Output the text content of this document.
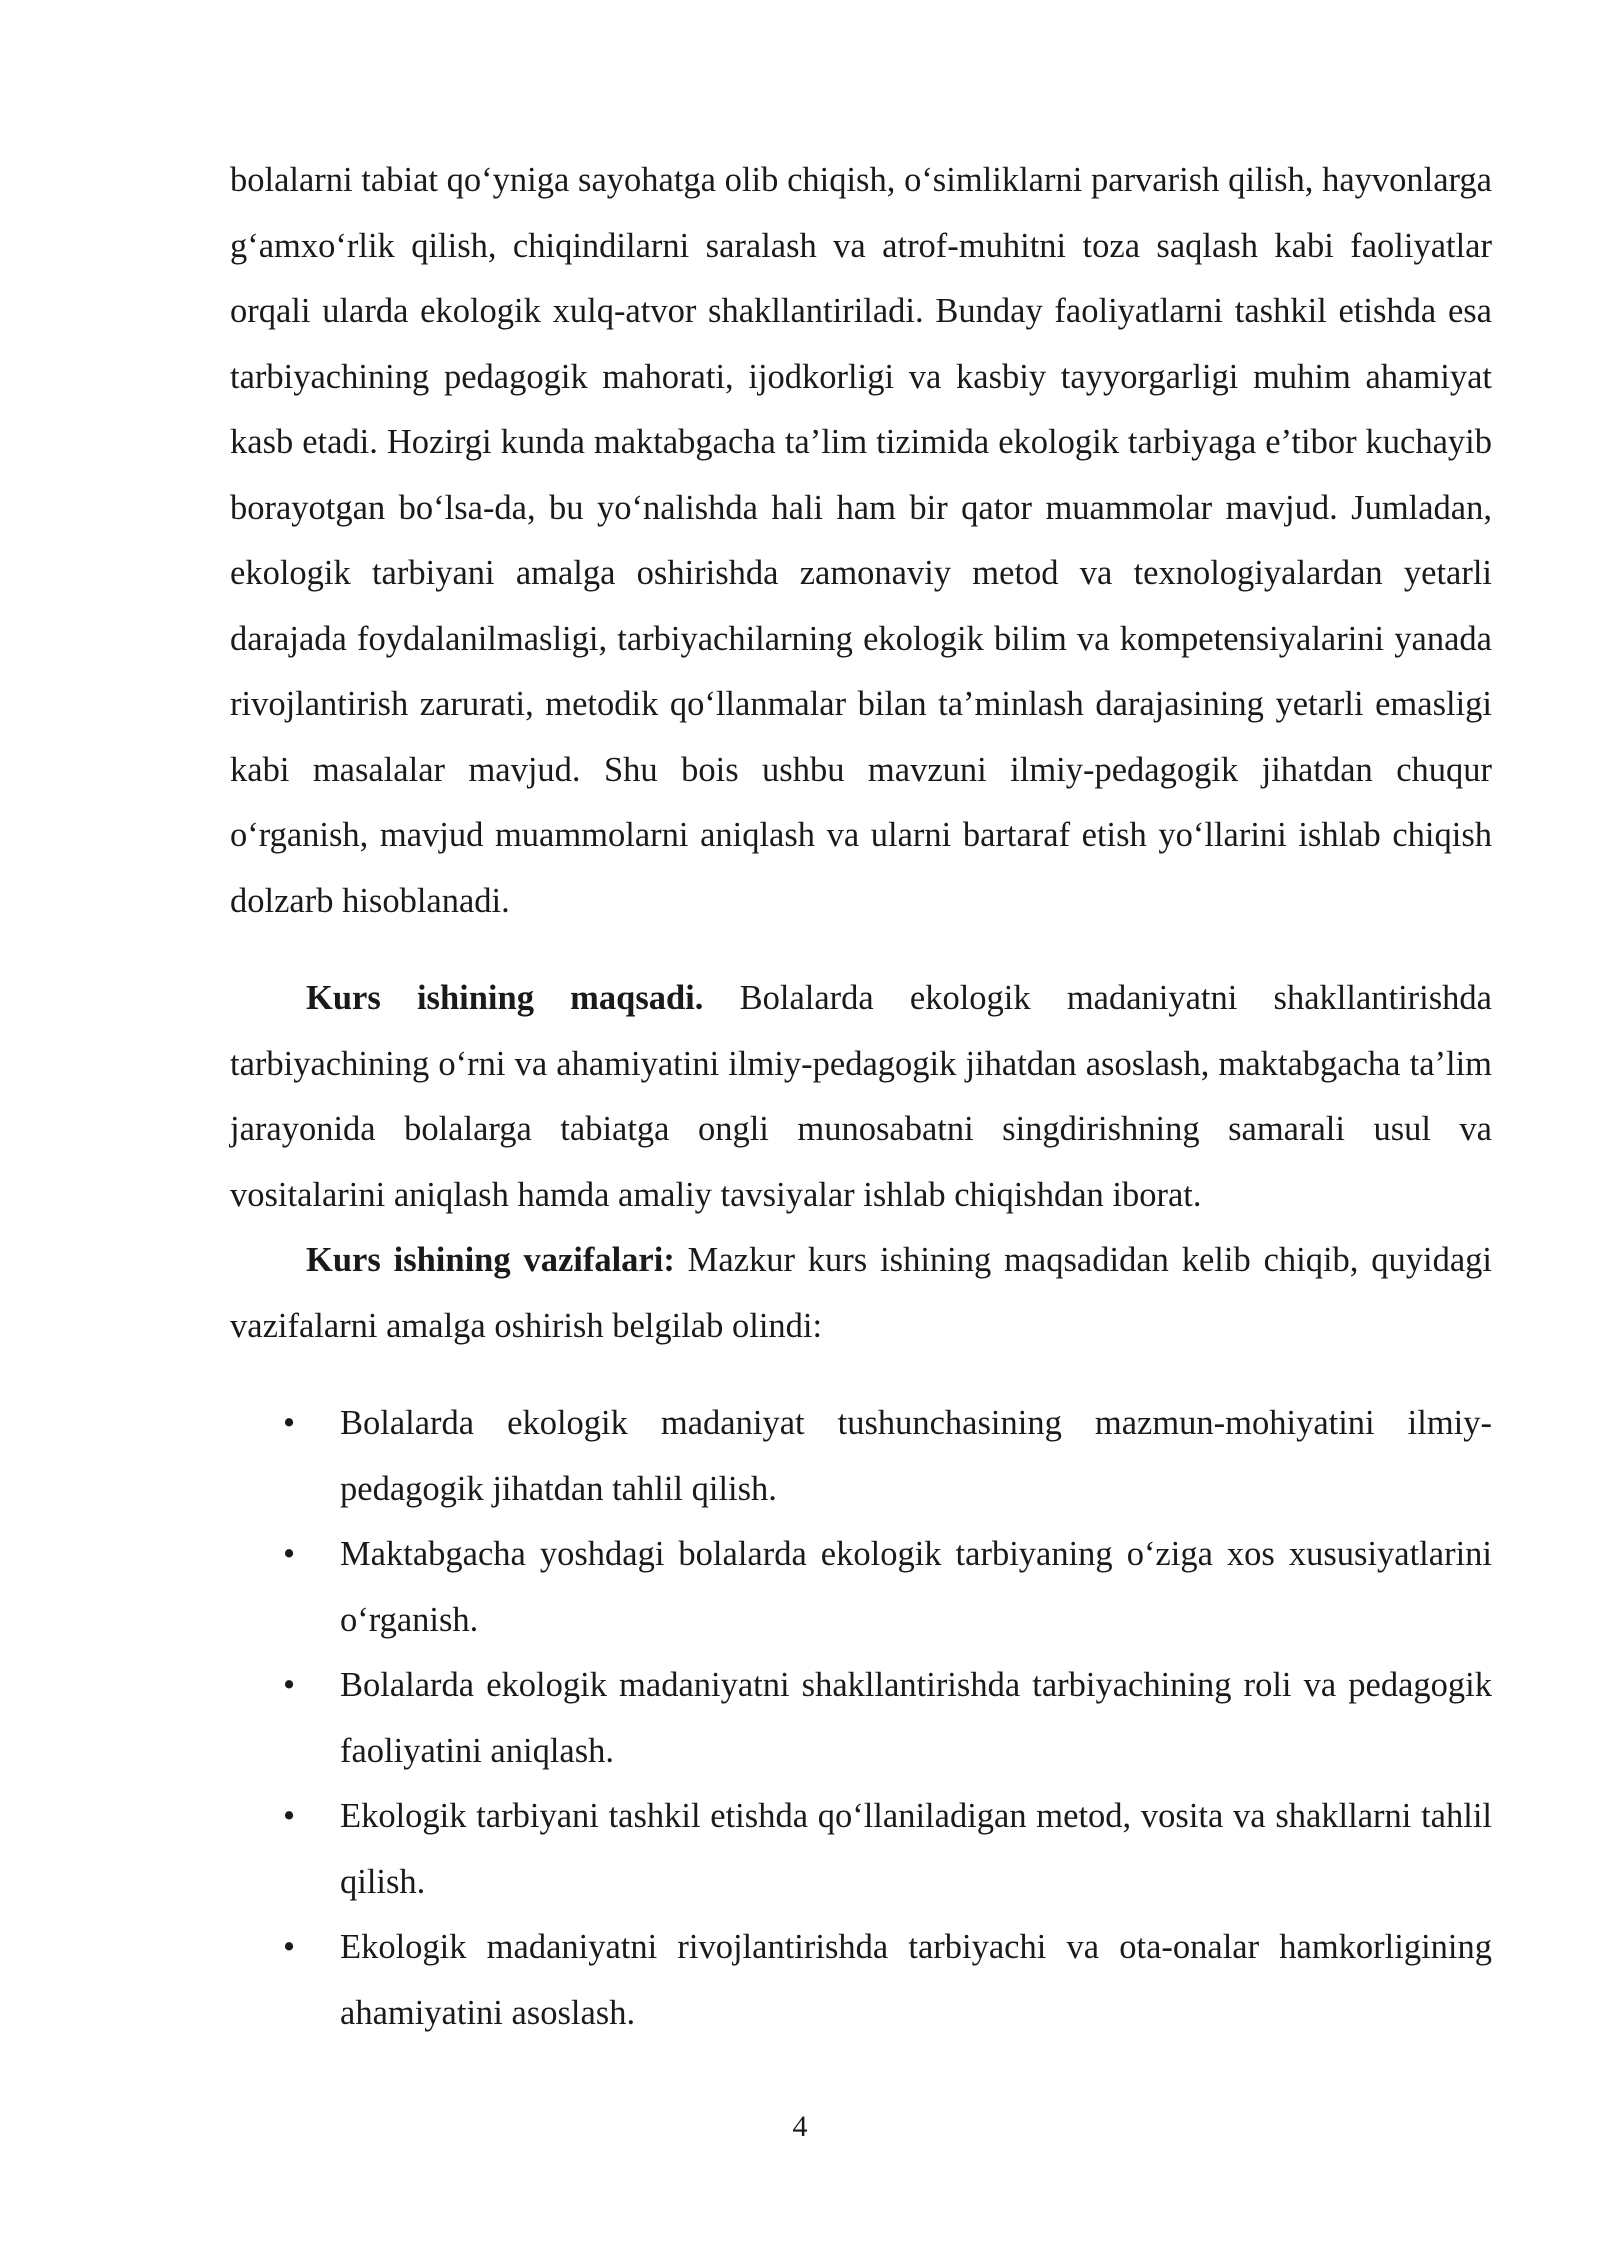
bolalarni tabiat qo‘yniga sayohatga olib chiqish, o‘simliklarni parvarish qilish, hayvonlarga g‘amxo‘rlik qilish, chiqindilarni saralash va atrof-muhitni toza saqlash kabi faoliyatlar orqali ularda ekologik xulq-atvor shakllantiriladi. Bunday faoliyatlarni tashkil etishda esa tarbiyachining pedagogik mahorati, ijodkorligi va kasbiy tayyorgarligi muhim ahamiyat kasb etadi. Hozirgi kunda maktabgacha ta’lim tizimida ekologik tarbiyaga e’tibor kuchayib borayotgan bo‘lsa-da, bu yo‘nalishda hali ham bir qator muammolar mavjud. Jumladan, ekologik tarbiyani amalga oshirishda zamonaviy metod va texnologiyalardan yetarli darajada foydalanilmasligi, tarbiyachilarning ekologik bilim va kompetensiyalarini yanada rivojlantirish zarurati, metodik qo‘llanmalar bilan ta’minlash darajasining yetarli emasligi kabi masalalar mavjud. Shu bois ushbu mavzuni ilmiy-pedagogik jihatdan chuqur o‘rganish, mavjud muammolarni aniqlash va ularni bartaraf etish yo‘llarini ishlab chiqish dolzarb hisoblanadi.

Kurs ishining maqsadi. Bolalarda ekologik madaniyatni shakllantirishda tarbiyachining o‘rni va ahamiyatini ilmiy-pedagogik jihatdan asoslash, maktabgacha ta’lim jarayonida bolalarga tabiatga ongli munosabatni singdirishning samarali usul va vositalarini aniqlash hamda amaliy tavsiyalar ishlab chiqishdan iborat.

Kurs ishining vazifalari: Mazkur kurs ishining maqsadidan kelib chiqib, quyidagi vazifalarni amalga oshirish belgilab olindi:

• Bolalarda ekologik madaniyat tushunchasining mazmun-mohiyatini ilmiy-pedagogik jihatdan tahlil qilish.
• Maktabgacha yoshdagi bolalarda ekologik tarbiyaning o‘ziga xos xususiyatlarini o‘rganish.
• Bolalarda ekologik madaniyatni shakllantirishda tarbiyachining roli va pedagogik faoliyatini aniqlash.
• Ekologik tarbiyani tashkil etishda qo‘llaniladigan metod, vosita va shakllarni tahlil qilish.
• Ekologik madaniyatni rivojlantirishda tarbiyachi va ota-onalar hamkorligining ahamiyatini asoslash.
4
